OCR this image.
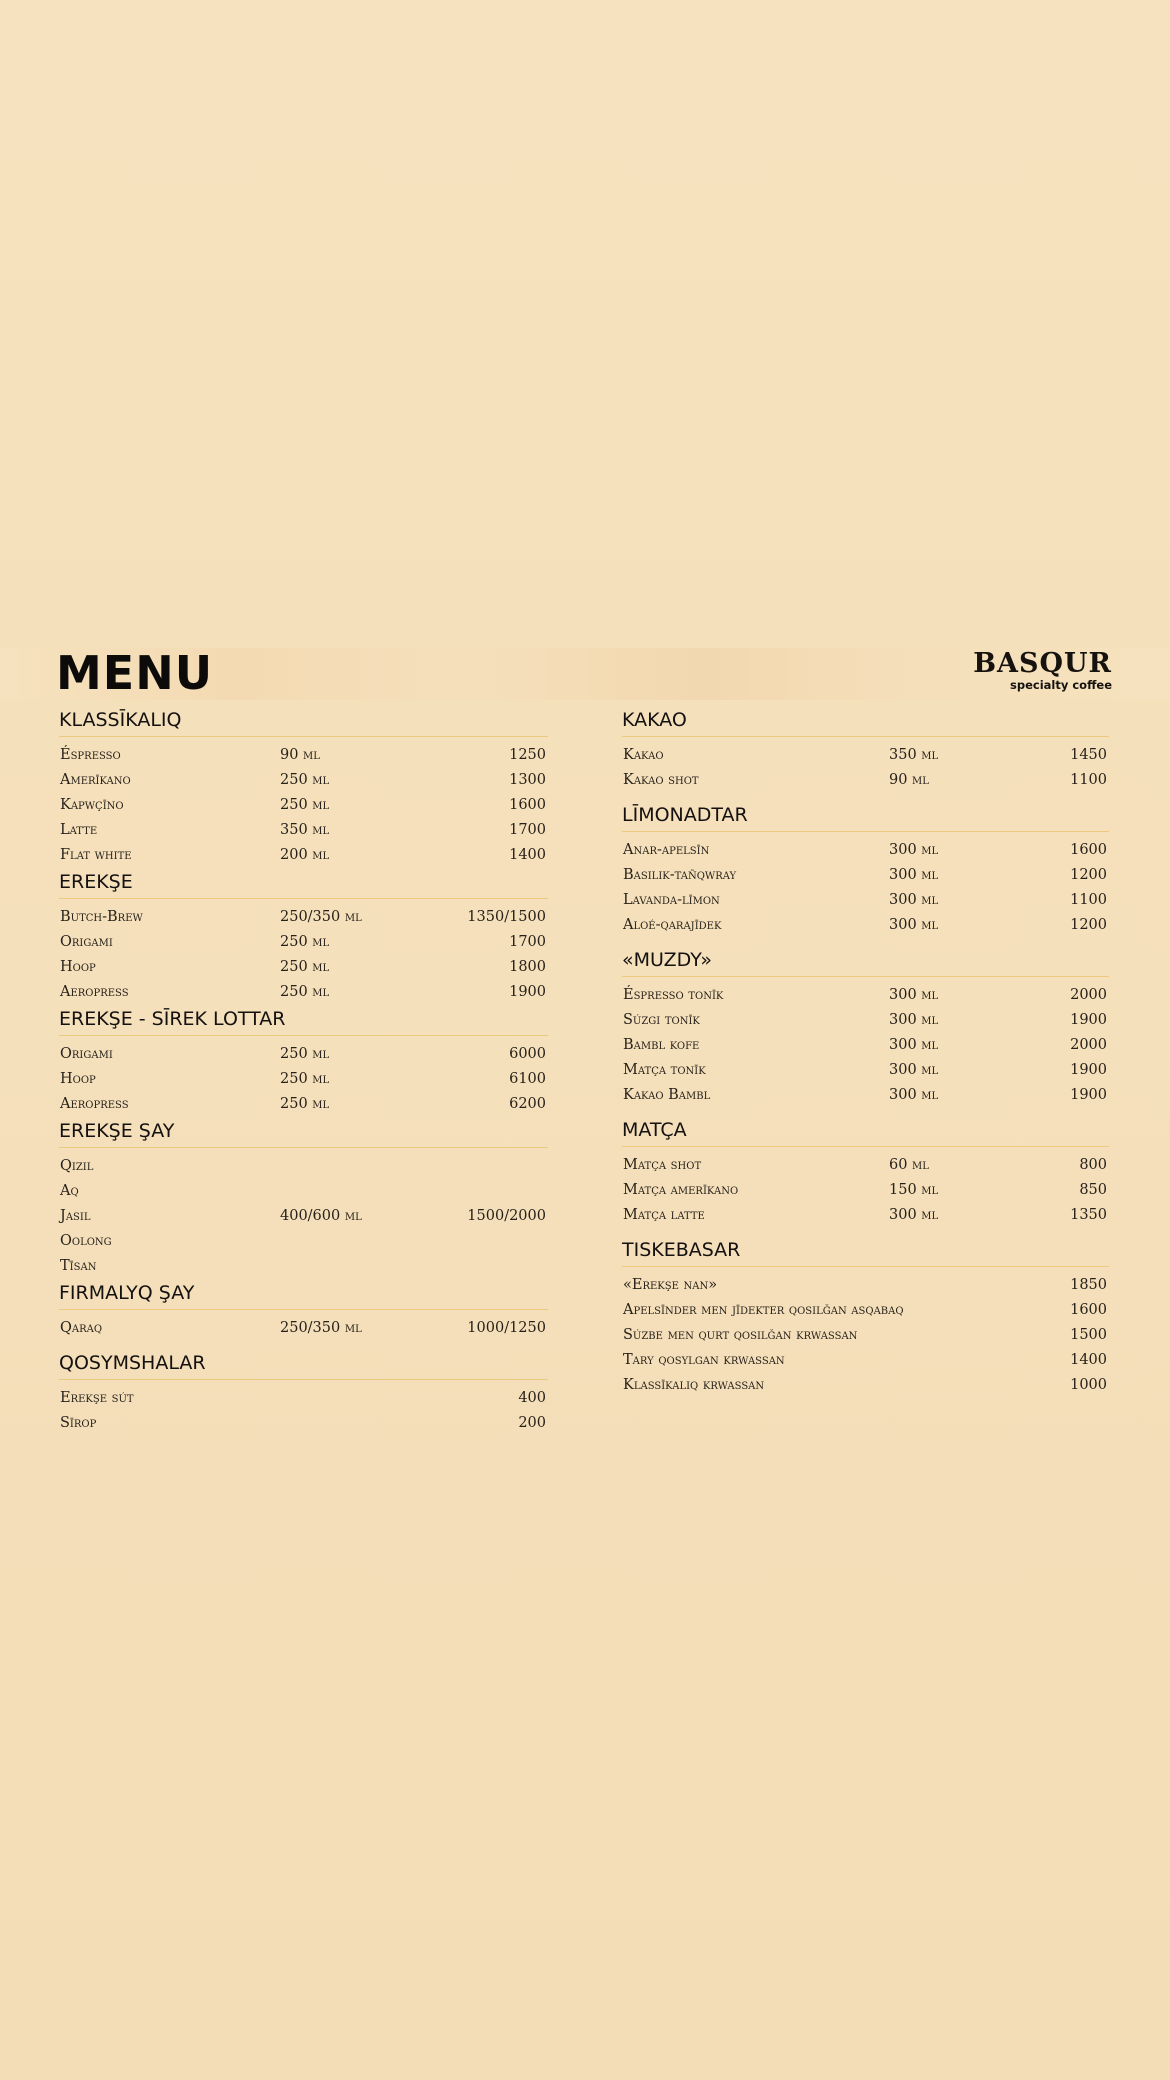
MENU	BASQUR
specialty coffee
KLASSĪKALIQ
Éspresso	90 ml	1250
Amerīkano	250 ml	1300
Kapwçīno	250 ml	1600
Latte	350 ml	1700
Flat white	200 ml	1400
EREKŞE
Butch-Brew	250/350 ml	1350/1500
Origami	250 ml	1700
Hoop	250 ml	1800
Aeropress	250 ml	1900
EREKŞE - SĪREK LOTTAR
Origami	250 ml	6000
Hoop	250 ml	6100
Aeropress	250 ml	6200
EREKŞE ŞAY
Qızıl
Aq
Jasıl	400/600 ml	1500/2000
Oolong
Tīsan
FIRMALYQ ŞAY
Qaraq	250/350 ml	1000/1250
QOSYMSHALAR
Erekşe sút	400
Sīrop	200
KAKAO
Kakao	350 ml	1450
Kakao shot	90 ml	1100
LĪMONADTAR
Anar-apelsīn	300 ml	1600
Basilik-tañqwray	300 ml	1200
Lavanda-līmon	300 ml	1100
Aloé-qarajīdek	300 ml	1200
«MUZDY»
Éspresso tonīk	300 ml	2000
Súzgi tonīk	300 ml	1900
Bambl kofe	300 ml	2000
Matça tonīk	300 ml	1900
Kakao Bambl	300 ml	1900
MATÇA
Matça shot	60 ml	800
Matça amerīkano	150 ml	850
Matça latte	300 ml	1350
TISKEBASAR
«Erekşe nan»	1850
Apelsīnder men jīdekter qosılǧan asqabaq	1600
Súzbe men qurt qosılǧan krwassan	1500
Tary qosylgan krwassan	1400
Klassīkaliq krwassan	1000
